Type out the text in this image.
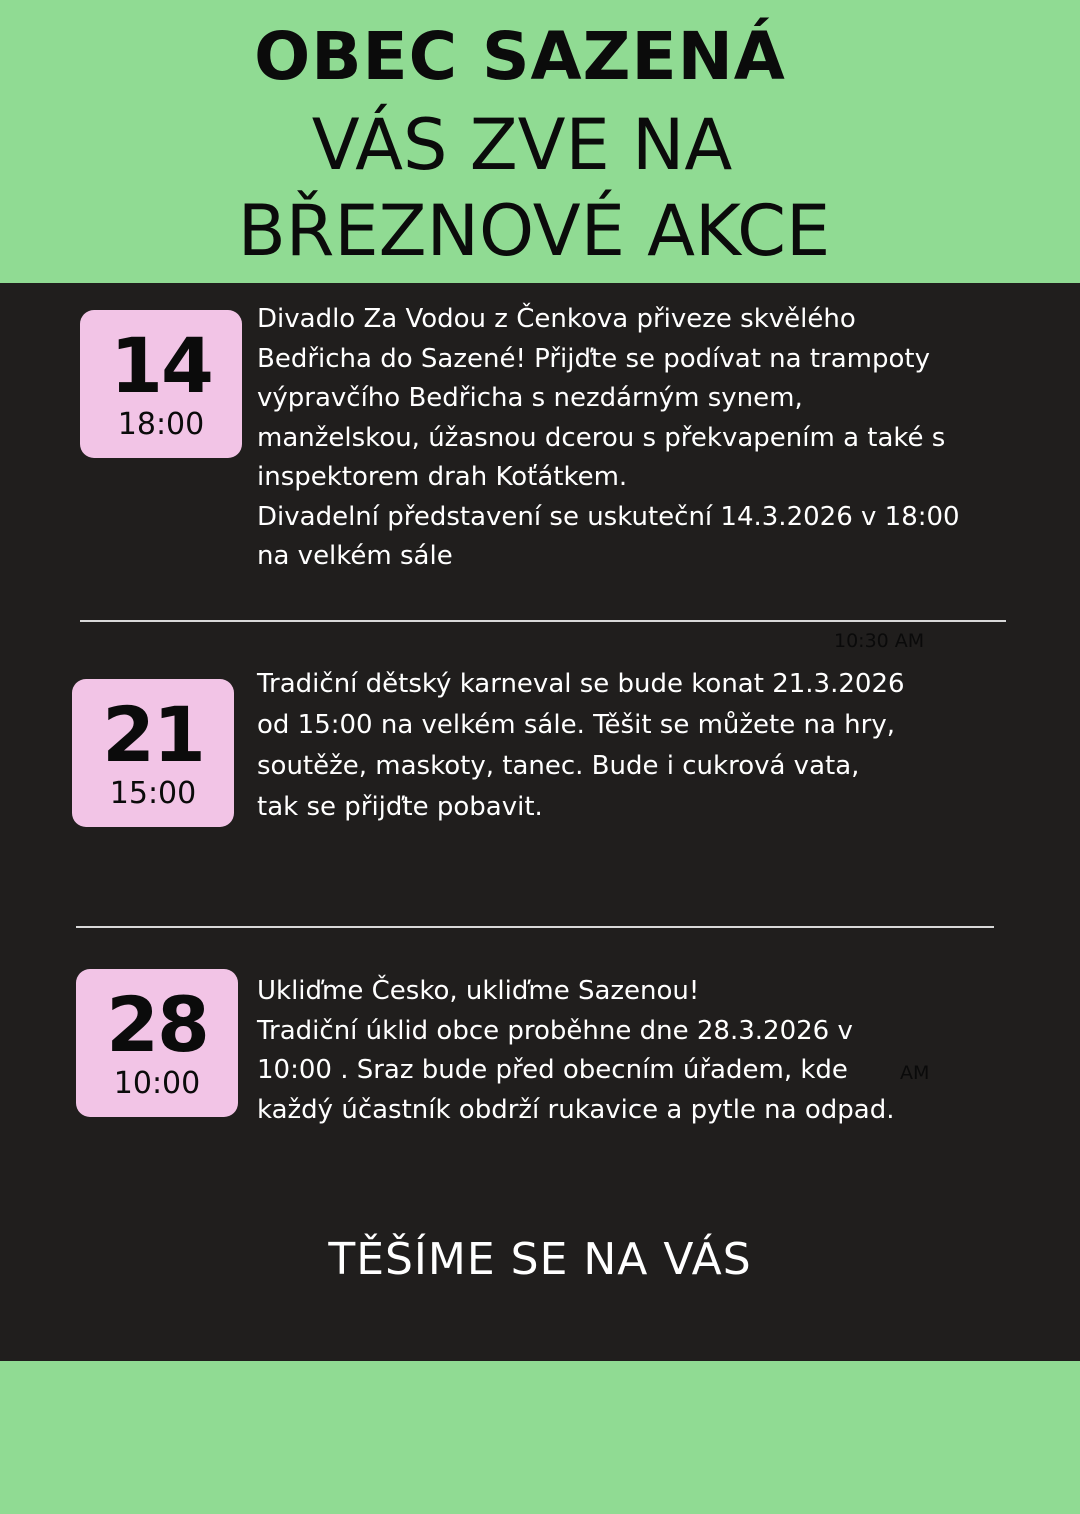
OBEC SAZENÁ
VÁS ZVE NA
BŘEZNOVÉ AKCE
14
18:00
Divadlo Za Vodou z Čenkova přiveze skvělého
Bedřicha do Sazené! Přijďte se podívat na trampoty
výpravčího Bedřicha s nezdárným synem,
manželskou, úžasnou dcerou s překvapením a také s
inspektorem drah Koťátkem.
Divadelní představení se uskuteční 14.3.2026 v 18:00
na velkém sále
10:30 AM
21
15:00
Tradiční dětský karneval se bude konat 21.3.2026
od 15:00 na velkém sále. Těšit se můžete na hry,
soutěže, maskoty, tanec. Bude i cukrová vata,
tak se přijďte pobavit.
28
10:00
Ukliďme Česko, ukliďme Sazenou!
Tradiční úklid obce proběhne dne 28.3.2026 v
10:00 . Sraz bude před obecním úřadem, kde
každý účastník obdrží rukavice a pytle na odpad.
AM
TĚŠÍME SE NA VÁS
